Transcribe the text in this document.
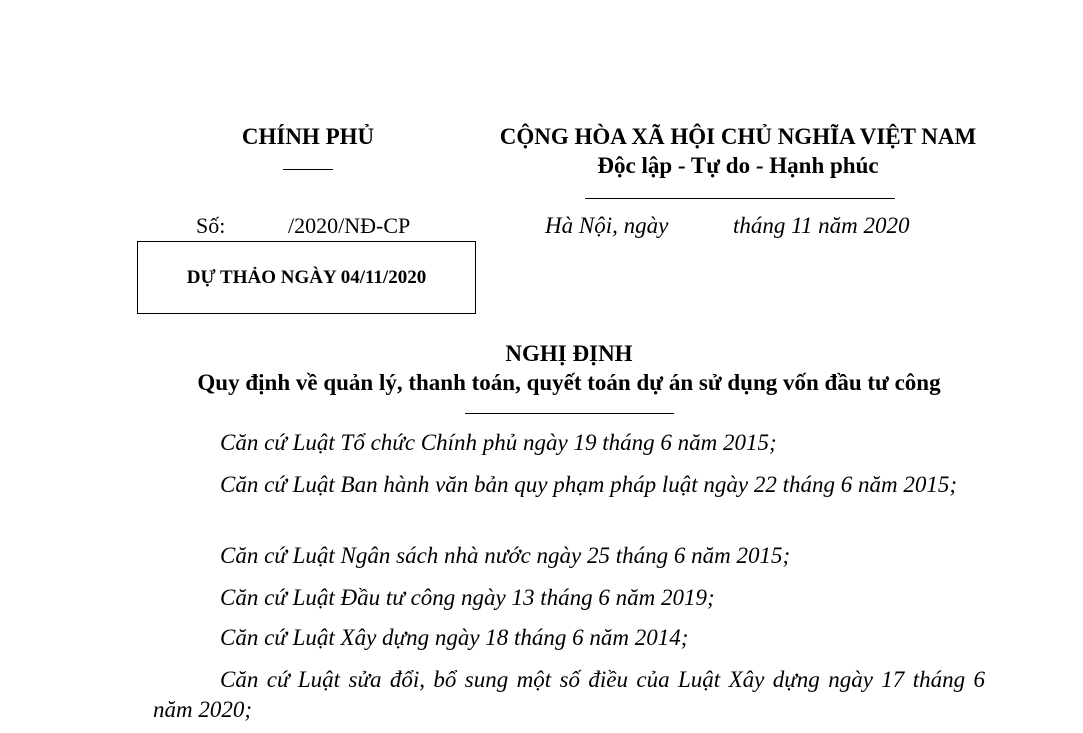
CHÍNH PHỦ	CỘNG HÒA XÃ HỘI CHỦ NGHĨA VIỆT NAM
Độc lập - Tự do - Hạnh phúc
Số:	/2020/NĐ-CP	Hà Nội, ngày	tháng 11 năm 2020
DỰ THẢO NGÀY 04/11/2020
NGHỊ ĐỊNH
Quy định về quản lý, thanh toán, quyết toán dự án sử dụng vốn đầu tư công
Căn cứ Luật Tổ chức Chính phủ ngày 19 tháng 6 năm 2015;
Căn cứ Luật Ban hành văn bản quy phạm pháp luật ngày 22 tháng 6 năm 2015;
Căn cứ Luật Ngân sách nhà nước ngày 25 tháng 6 năm 2015;
Căn cứ Luật Đầu tư công ngày 13 tháng 6 năm 2019;
Căn cứ Luật Xây dựng ngày 18 tháng 6 năm 2014;
Căn cứ Luật sửa đổi, bổ sung một số điều của Luật Xây dựng ngày 17 tháng 6 năm 2020;
